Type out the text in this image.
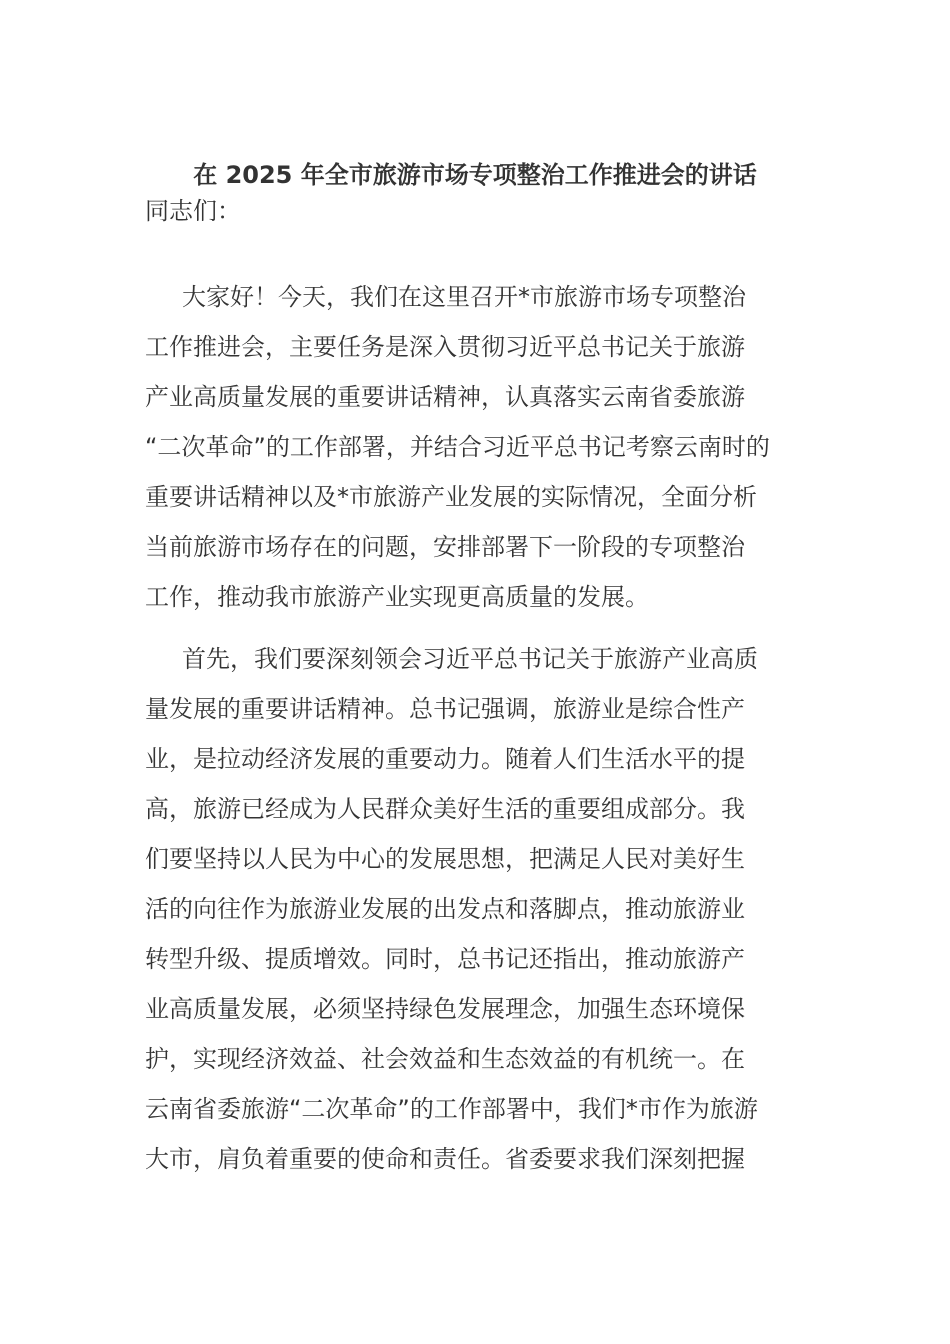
在 2025 年全市旅游市场专项整治工作推进会的讲话
同志们：
大家好！今天，我们在这里召开*市旅游市场专项整治
工作推进会，主要任务是深入贯彻习近平总书记关于旅游
产业高质量发展的重要讲话精神，认真落实云南省委旅游
“二次革命”的工作部署，并结合习近平总书记考察云南时的
重要讲话精神以及*市旅游产业发展的实际情况，全面分析
当前旅游市场存在的问题，安排部署下一阶段的专项整治
工作，推动我市旅游产业实现更高质量的发展。
首先，我们要深刻领会习近平总书记关于旅游产业高质
量发展的重要讲话精神。总书记强调，旅游业是综合性产
业，是拉动经济发展的重要动力。随着人们生活水平的提
高，旅游已经成为人民群众美好生活的重要组成部分。我
们要坚持以人民为中心的发展思想，把满足人民对美好生
活的向往作为旅游业发展的出发点和落脚点，推动旅游业
转型升级、提质增效。同时，总书记还指出，推动旅游产
业高质量发展，必须坚持绿色发展理念，加强生态环境保
护，实现经济效益、社会效益和生态效益的有机统一。在
云南省委旅游“二次革命”的工作部署中，我们*市作为旅游
大市，肩负着重要的使命和责任。省委要求我们深刻把握
